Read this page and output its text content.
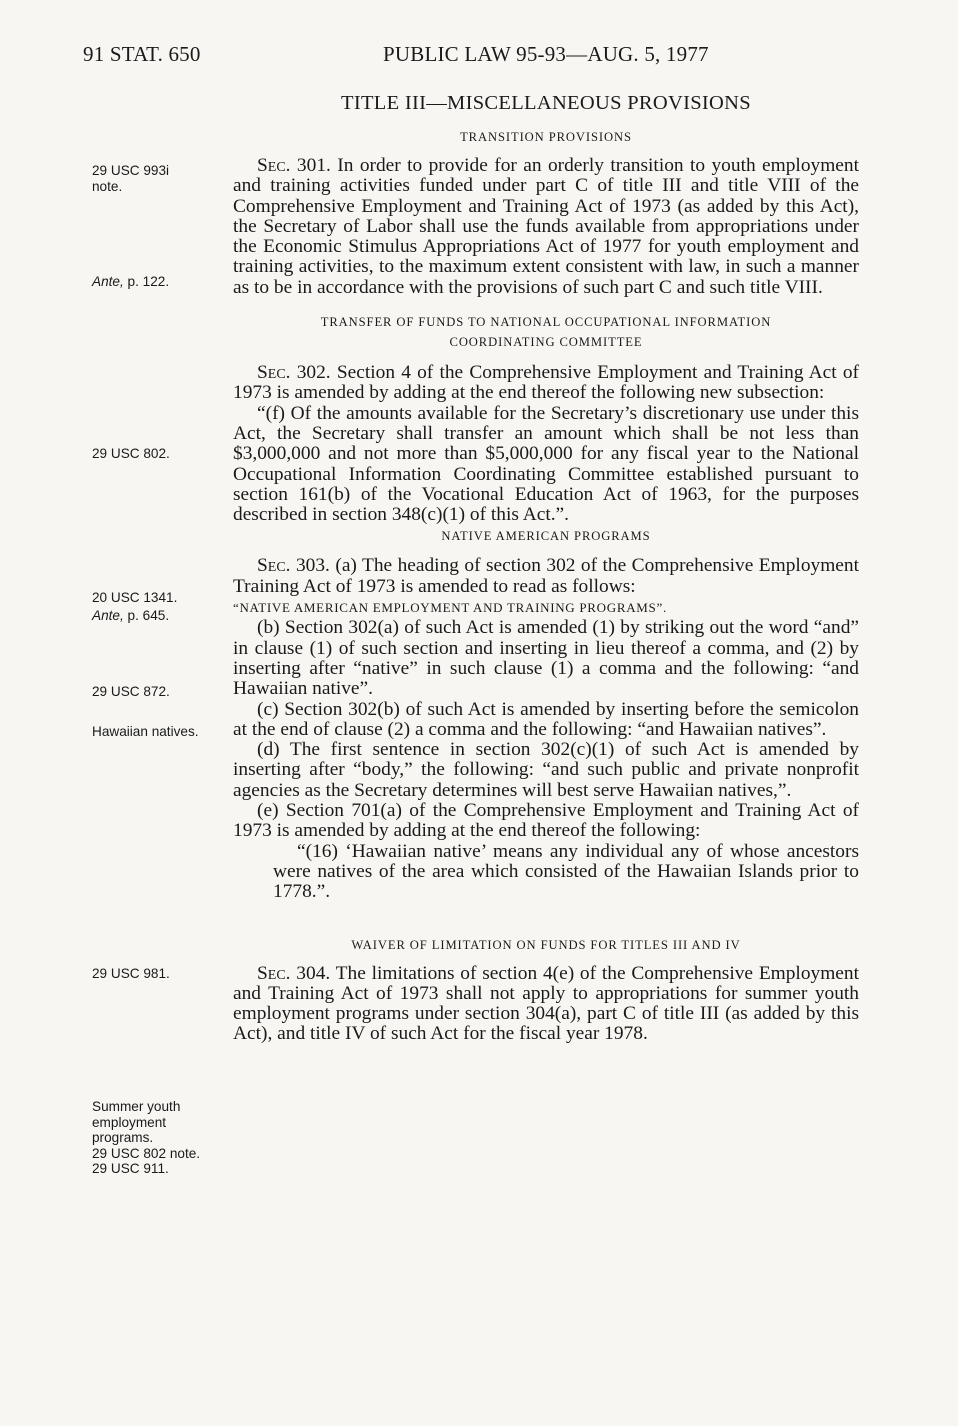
91 STAT. 650	PUBLIC LAW 95-93—AUG. 5, 1977
29 USC 993i
note.
Ante, p. 122.
29 USC 802.
20 USC 1341.
Ante, p. 645.
29 USC 872.
Hawaiian natives.
29 USC 981.
Summer youth
employment
programs.
29 USC 802 note.
29 USC 911.
TITLE III—MISCELLANEOUS PROVISIONS
TRANSITION PROVISIONS

Sec. 301. In order to provide for an orderly transition to youth employment and training activities funded under part C of title III and title VIII of the Comprehensive Employment and Training Act of 1973 (as added by this Act), the Secretary of Labor shall use the funds available from appropriations under the Economic Stimulus Appropriations Act of 1977 for youth employment and training activities, to the maximum extent consistent with law, in such a manner as to be in accordance with the provisions of such part C and such title VIII.

TRANSFER OF FUNDS TO NATIONAL OCCUPATIONAL INFORMATION
COORDINATING COMMITTEE

Sec. 302. Section 4 of the Comprehensive Employment and Training Act of 1973 is amended by adding at the end thereof the following new subsection:

“(f) Of the amounts available for the Secretary’s discretionary use under this Act, the Secretary shall transfer an amount which shall be not less than $3,000,000 and not more than $5,000,000 for any fiscal year to the National Occupational Information Coordinating Committee established pursuant to section 161(b) of the Vocational Education Act of 1963, for the purposes described in section 348(c)(1) of this Act.”.

NATIVE AMERICAN PROGRAMS

Sec. 303. (a) The heading of section 302 of the Comprehensive Employment Training Act of 1973 is amended to read as follows:

“NATIVE AMERICAN EMPLOYMENT AND TRAINING PROGRAMS”.

(b) Section 302(a) of such Act is amended (1) by striking out the word “and” in clause (1) of such section and inserting in lieu thereof a comma, and (2) by inserting after “native” in such clause (1) a comma and the following: “and Hawaiian native”.

(c) Section 302(b) of such Act is amended by inserting before the semicolon at the end of clause (2) a comma and the following: “and Hawaiian natives”.

(d) The first sentence in section 302(c)(1) of such Act is amended by inserting after “body,” the following: “and such public and private nonprofit agencies as the Secretary determines will best serve Hawaiian natives,”.

(e) Section 701(a) of the Comprehensive Employment and Training Act of 1973 is amended by adding at the end thereof the following:

“(16) ‘Hawaiian native’ means any individual any of whose ancestors were natives of the area which consisted of the Hawaiian Islands prior to 1778.”.

WAIVER OF LIMITATION ON FUNDS FOR TITLES III AND IV

Sec. 304. The limitations of section 4(e) of the Comprehensive Employment and Training Act of 1973 shall not apply to appropriations for summer youth employment programs under section 304(a), part C of title III (as added by this Act), and title IV of such Act for the fiscal year 1978.
